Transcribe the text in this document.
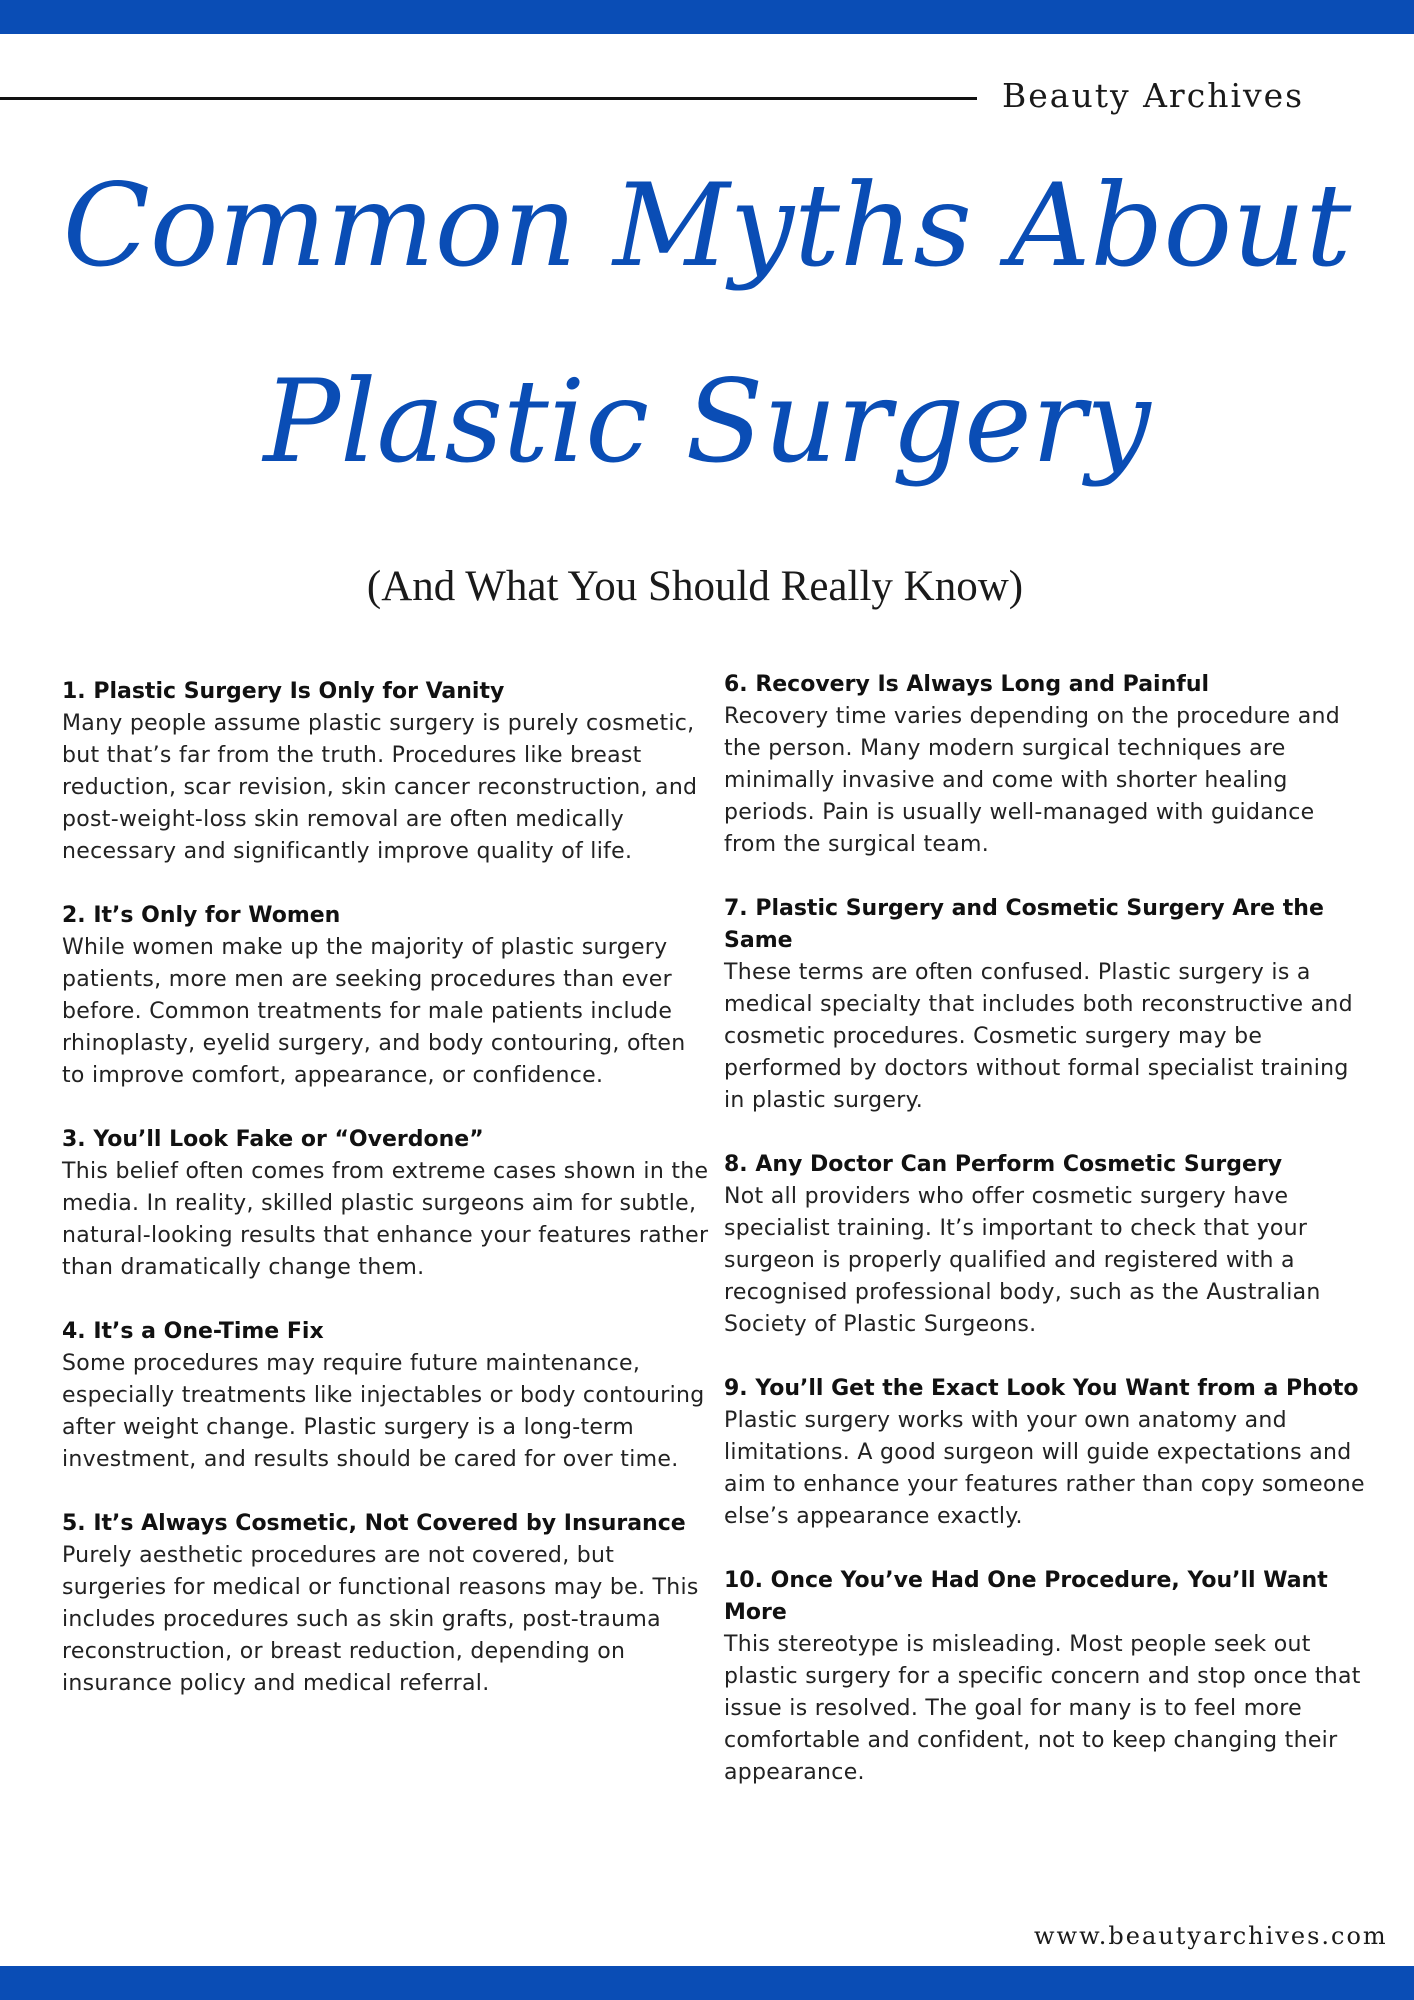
Beauty Archives
Common Myths About Plastic Surgery
(And What You Should Really Know)
1. Plastic Surgery Is Only for Vanity
Many people assume plastic surgery is purely cosmetic, but that’s far from the truth. Procedures like breast reduction, scar revision, skin cancer reconstruction, and post-weight-loss skin removal are often medically necessary and significantly improve quality of life.
2. It’s Only for Women
While women make up the majority of plastic surgery patients, more men are seeking procedures than ever before. Common treatments for male patients include rhinoplasty, eyelid surgery, and body contouring, often to improve comfort, appearance, or confidence.
3. You’ll Look Fake or “Overdone”
This belief often comes from extreme cases shown in the media. In reality, skilled plastic surgeons aim for subtle, natural-looking results that enhance your features rather than dramatically change them.
4. It’s a One-Time Fix
Some procedures may require future maintenance, especially treatments like injectables or body contouring after weight change. Plastic surgery is a long-term investment, and results should be cared for over time.
5. It’s Always Cosmetic, Not Covered by Insurance
Purely aesthetic procedures are not covered, but surgeries for medical or functional reasons may be. This includes procedures such as skin grafts, post-trauma reconstruction, or breast reduction, depending on insurance policy and medical referral.
6. Recovery Is Always Long and Painful
Recovery time varies depending on the procedure and the person. Many modern surgical techniques are minimally invasive and come with shorter healing periods. Pain is usually well-managed with guidance from the surgical team.
7. Plastic Surgery and Cosmetic Surgery Are the Same
These terms are often confused. Plastic surgery is a medical specialty that includes both reconstructive and cosmetic procedures. Cosmetic surgery may be performed by doctors without formal specialist training in plastic surgery.
8. Any Doctor Can Perform Cosmetic Surgery
Not all providers who offer cosmetic surgery have specialist training. It’s important to check that your surgeon is properly qualified and registered with a recognised professional body, such as the Australian Society of Plastic Surgeons.
9. You’ll Get the Exact Look You Want from a Photo
Plastic surgery works with your own anatomy and limitations. A good surgeon will guide expectations and aim to enhance your features rather than copy someone else’s appearance exactly.
10. Once You’ve Had One Procedure, You’ll Want More
This stereotype is misleading. Most people seek out plastic surgery for a specific concern and stop once that issue is resolved. The goal for many is to feel more comfortable and confident, not to keep changing their appearance.
www.beautyarchives.com
